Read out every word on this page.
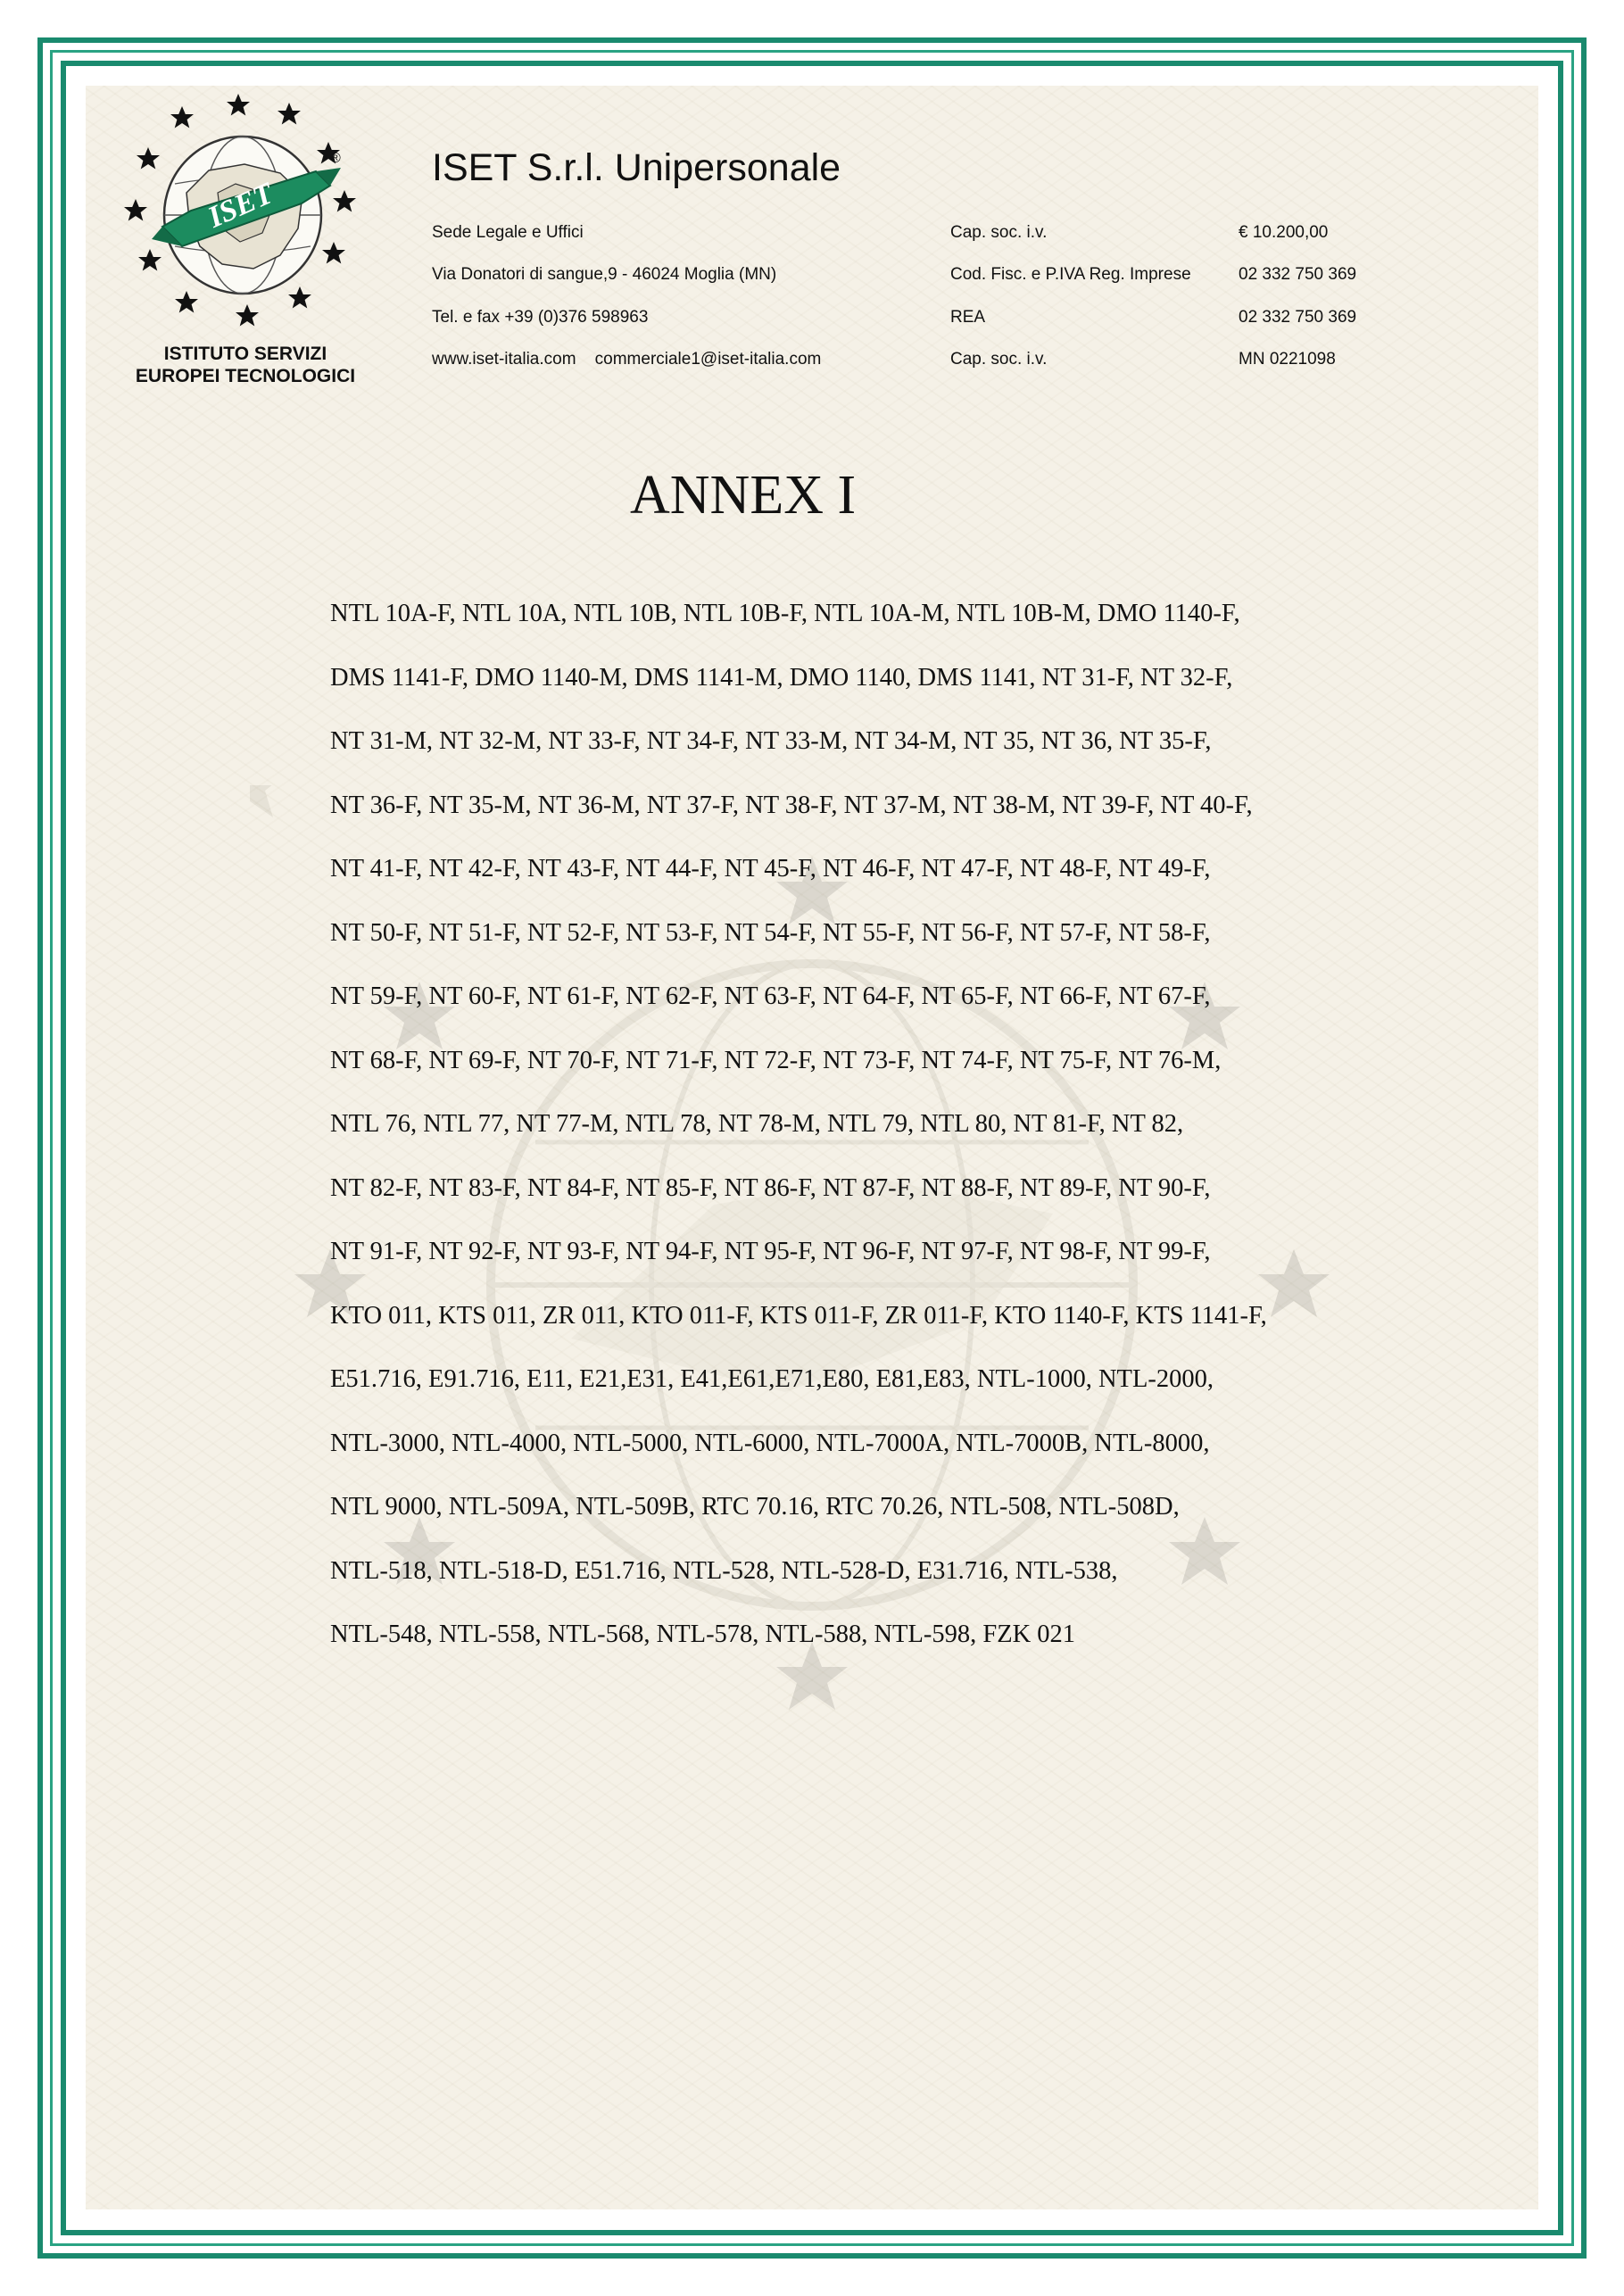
ISET
®
ISTITUTO SERVIZI
EUROPEI TECNOLOGICI
ISET S.r.l. Unipersonale
Sede Legale e Uffici	Cap. soc. i.v.	€ 10.200,00
Via Donatori di sangue,9 - 46024 Moglia (MN)	Cod. Fisc. e P.IVA Reg. Imprese	02 332 750 369
Tel. e fax +39 (0)376 598963	REA	02 332 750 369
www.iset-italia.com    commerciale1@iset-italia.com	Cap. soc. i.v.	MN 0221098
ANNEX I
NTL 10A-F, NTL 10A, NTL 10B, NTL 10B-F, NTL 10A-M, NTL 10B-M, DMO 1140-F,
DMS 1141-F, DMO 1140-M, DMS 1141-M, DMO 1140, DMS 1141, NT 31-F, NT 32-F,
NT 31-M, NT 32-M, NT 33-F, NT 34-F, NT 33-M, NT 34-M, NT 35, NT 36, NT 35-F,
NT 36-F, NT 35-M, NT 36-M, NT 37-F, NT 38-F, NT 37-M, NT 38-M, NT 39-F, NT 40-F,
NT 41-F, NT 42-F, NT 43-F, NT 44-F, NT 45-F, NT 46-F, NT 47-F, NT 48-F, NT 49-F,
NT 50-F, NT 51-F, NT 52-F, NT 53-F, NT 54-F, NT 55-F, NT 56-F, NT 57-F, NT 58-F,
NT 59-F, NT 60-F, NT 61-F, NT 62-F, NT 63-F, NT 64-F, NT 65-F, NT 66-F, NT 67-F,
NT 68-F, NT 69-F, NT 70-F, NT 71-F, NT 72-F, NT 73-F, NT 74-F, NT 75-F, NT 76-M,
NTL 76, NTL 77, NT 77-M, NTL 78, NT 78-M, NTL 79, NTL 80, NT 81-F, NT 82,
NT 82-F, NT 83-F, NT 84-F, NT 85-F, NT 86-F, NT 87-F, NT 88-F, NT 89-F, NT 90-F,
NT 91-F, NT 92-F, NT 93-F, NT 94-F, NT 95-F, NT 96-F, NT 97-F, NT 98-F, NT 99-F,
KTO 011, KTS 011, ZR 011, KTO 011-F, KTS 011-F, ZR 011-F, KTO 1140-F, KTS 1141-F,
E51.716, E91.716, E11, E21,E31, E41,E61,E71,E80, E81,E83, NTL-1000, NTL-2000,
NTL-3000, NTL-4000, NTL-5000, NTL-6000, NTL-7000A, NTL-7000B, NTL-8000,
NTL 9000, NTL-509A, NTL-509B, RTC 70.16, RTC 70.26, NTL-508, NTL-508D,
NTL-518, NTL-518-D, E51.716, NTL-528, NTL-528-D, E31.716, NTL-538,
NTL-548, NTL-558, NTL-568, NTL-578, NTL-588, NTL-598, FZK 021
